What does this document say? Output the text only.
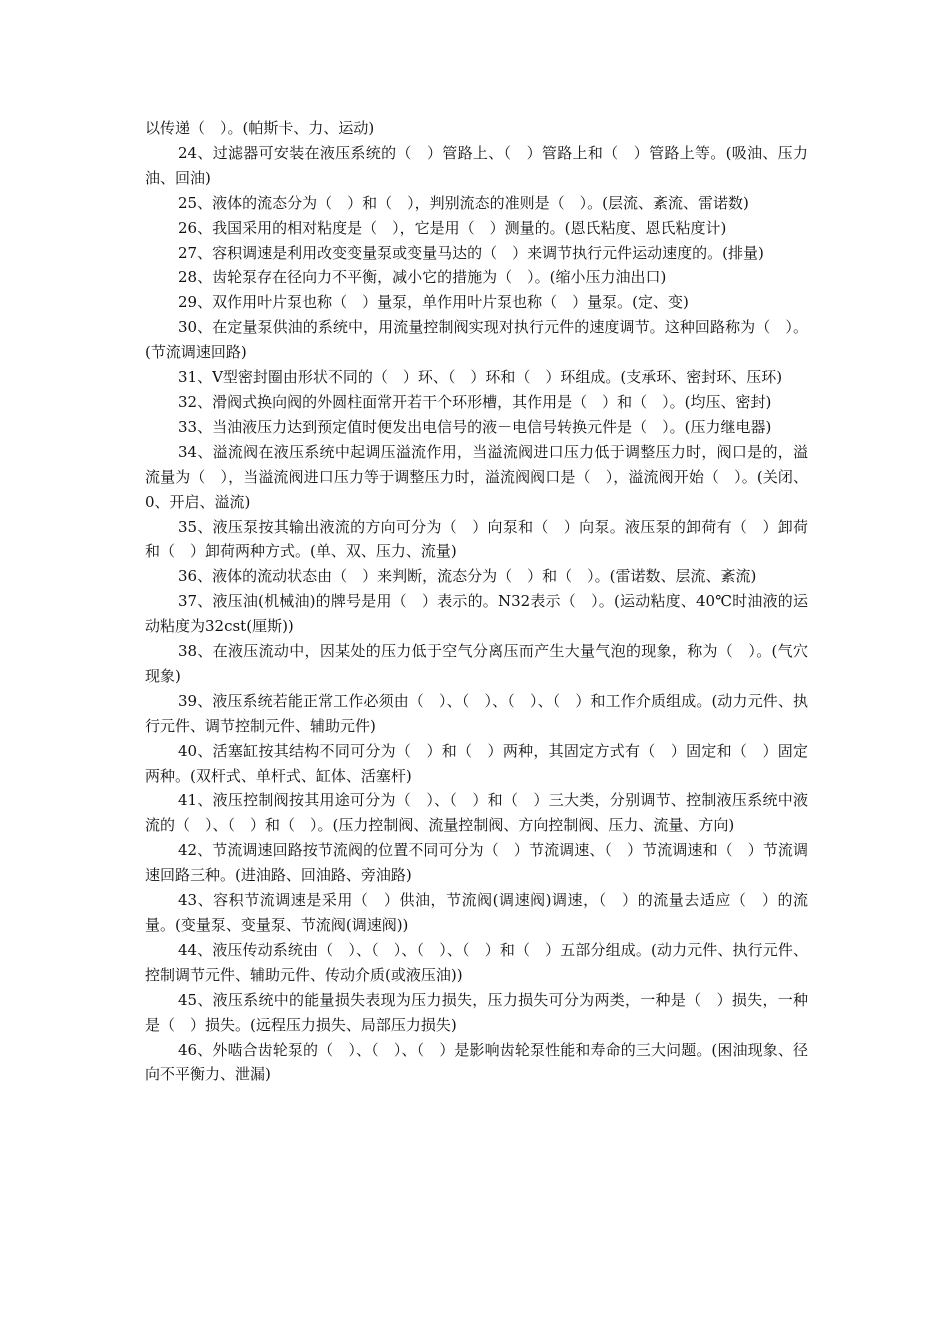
以传递（　）。(帕斯卡、力、运动)

24、过滤器可安装在液压系统的（　）管路上、（　）管路上和（　）管路上等。(吸油、压力油、回油)

25、液体的流态分为（　）和（　），判别流态的准则是（　）。(层流、紊流、雷诺数)

26、我国采用的相对粘度是（　），它是用（　）测量的。(恩氏粘度、恩氏粘度计)

27、容积调速是利用改变变量泵或变量马达的（　）来调节执行元件运动速度的。(排量)

28、齿轮泵存在径向力不平衡，减小它的措施为（　）。(缩小压力油出口)

29、双作用叶片泵也称（　）量泵，单作用叶片泵也称（　）量泵。(定、变)

30、在定量泵供油的系统中，用流量控制阀实现对执行元件的速度调节。这种回路称为（　）。(节流调速回路)

31、V型密封圈由形状不同的（　）环、（　）环和（　）环组成。(支承环、密封环、压环)

32、滑阀式换向阀的外圆柱面常开若干个环形槽，其作用是（　）和（　）。(均压、密封)

33、当油液压力达到预定值时便发出电信号的液－电信号转换元件是（　）。(压力继电器)

34、溢流阀在液压系统中起调压溢流作用，当溢流阀进口压力低于调整压力时，阀口是的，溢流量为（　），当溢流阀进口压力等于调整压力时，溢流阀阀口是（　），溢流阀开始（　）。(关闭、0、开启、溢流)

35、液压泵按其输出液流的方向可分为（　）向泵和（　）向泵。液压泵的卸荷有（　）卸荷和（　）卸荷两种方式。(单、双、压力、流量)

36、液体的流动状态由（　）来判断，流态分为（　）和（　）。(雷诺数、层流、紊流)

37、液压油(机械油)的牌号是用（　）表示的。N32表示（　）。(运动粘度、40℃时油液的运动粘度为32cst(厘斯))

38、在液压流动中，因某处的压力低于空气分离压而产生大量气泡的现象，称为（　）。(气穴现象)

39、液压系统若能正常工作必须由（　）、（　）、（　）、（　）和工作介质组成。(动力元件、执行元件、调节控制元件、辅助元件)

40、活塞缸按其结构不同可分为（　）和（　）两种，其固定方式有（　）固定和（　）固定两种。(双杆式、单杆式、缸体、活塞杆)

41、液压控制阀按其用途可分为（　）、（　）和（　）三大类，分别调节、控制液压系统中液流的（　）、（　）和（　）。(压力控制阀、流量控制阀、方向控制阀、压力、流量、方向)

42、节流调速回路按节流阀的位置不同可分为（　）节流调速、（　）节流调速和（　）节流调速回路三种。(进油路、回油路、旁油路)

43、容积节流调速是采用（　）供油，节流阀(调速阀)调速，（　）的流量去适应（　）的流量。(变量泵、变量泵、节流阀(调速阀))

44、液压传动系统由（　）、（　）、（　）、（　）和（　）五部分组成。(动力元件、执行元件、控制调节元件、辅助元件、传动介质(或液压油))

45、液压系统中的能量损失表现为压力损失，压力损失可分为两类，一种是（　）损失，一种是（　）损失。(远程压力损失、局部压力损失)

46、外啮合齿轮泵的（　）、（　）、（　）是影响齿轮泵性能和寿命的三大问题。(困油现象、径向不平衡力、泄漏)
